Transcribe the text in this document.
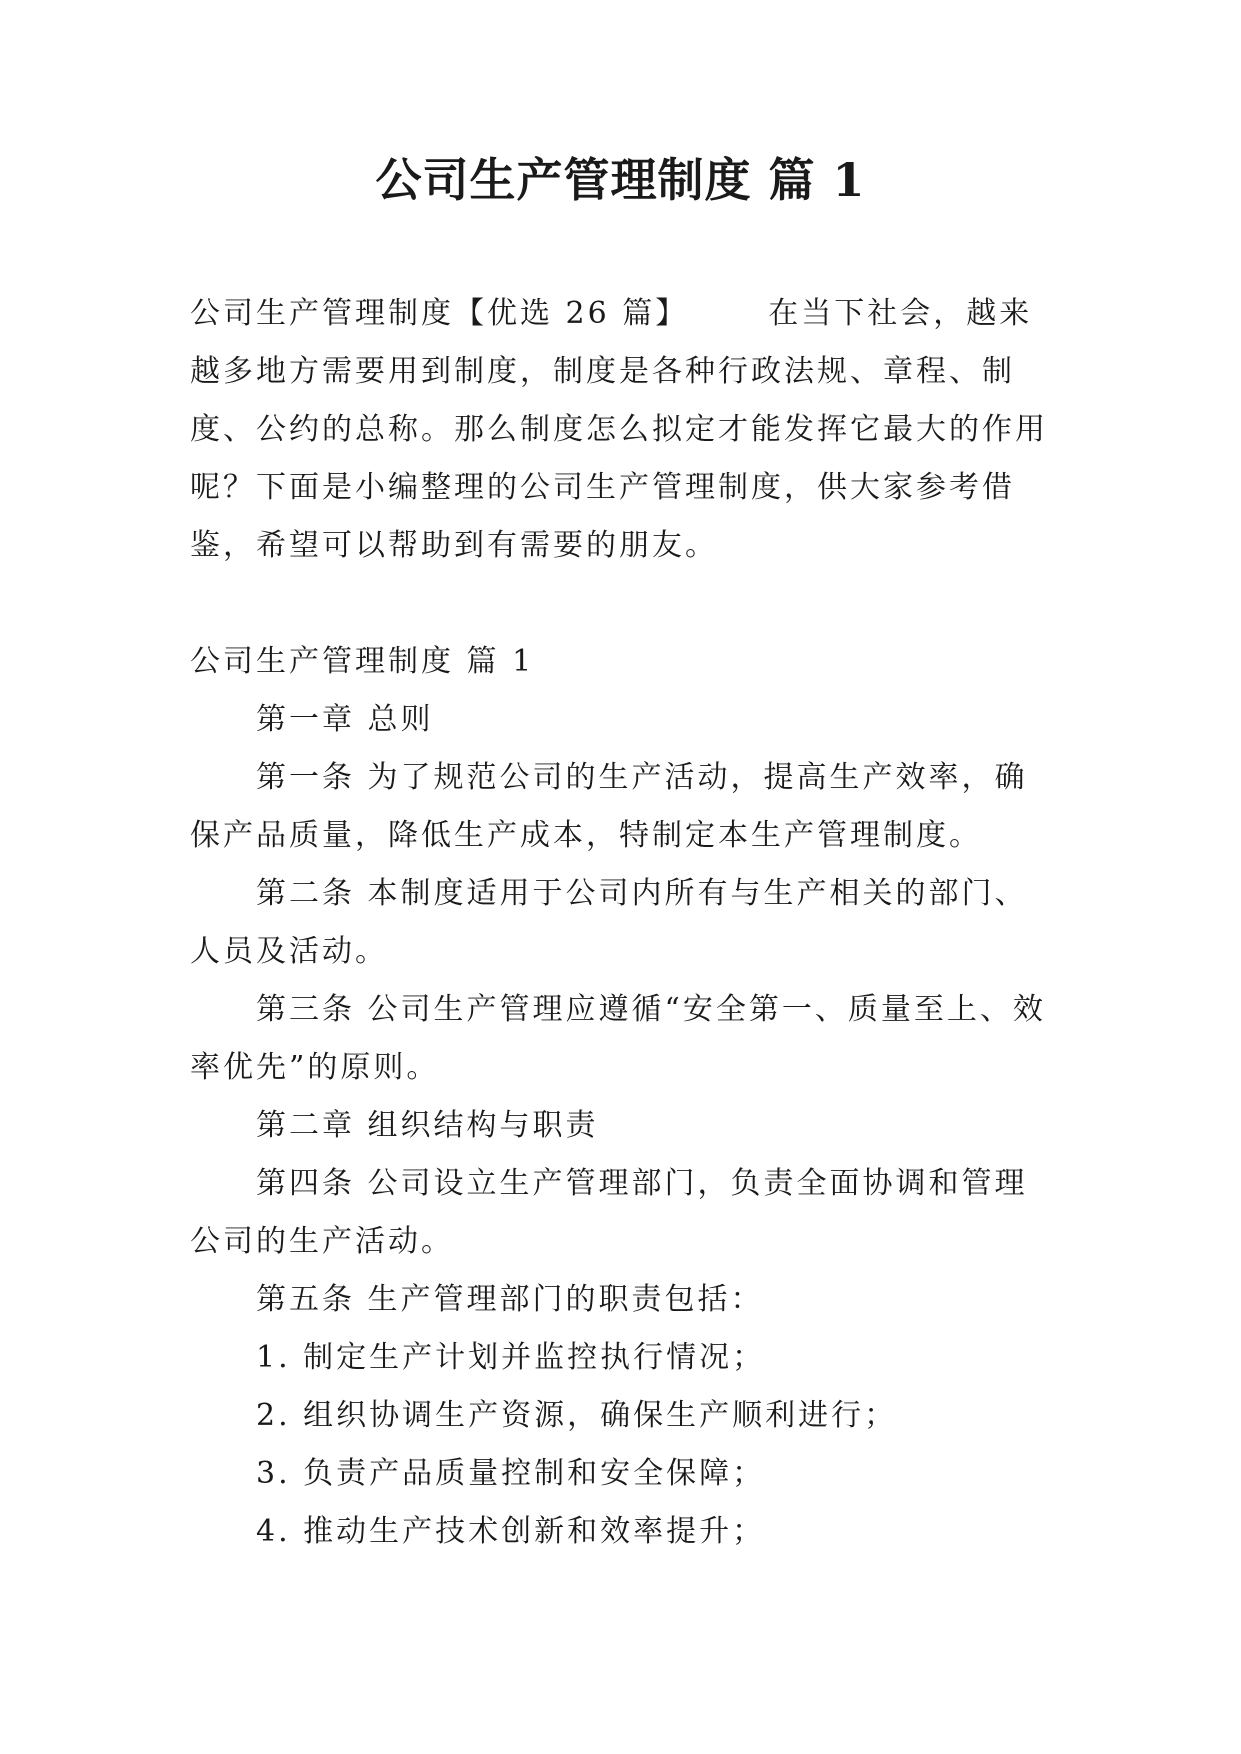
公司生产管理制度 篇 1
公司生产管理制度【优选 26 篇】	在当下社会，越来越多地方需要用到制度，制度是各种行政法规、章程、制度、公约的总称。那么制度怎么拟定才能发挥它最大的作用呢？下面是小编整理的公司生产管理制度，供大家参考借鉴，希望可以帮助到有需要的朋友。

公司生产管理制度 篇 1

第一章 总则

第一条 为了规范公司的生产活动，提高生产效率，确保产品质量，降低生产成本，特制定本生产管理制度。

第二条 本制度适用于公司内所有与生产相关的部门、人员及活动。

第三条 公司生产管理应遵循“安全第一、质量至上、效率优先”的原则。

第二章 组织结构与职责

第四条 公司设立生产管理部门，负责全面协调和管理公司的生产活动。

第五条 生产管理部门的职责包括：

1. 制定生产计划并监控执行情况；

2. 组织协调生产资源，确保生产顺利进行；

3. 负责产品质量控制和安全保障；

4. 推动生产技术创新和效率提升；
